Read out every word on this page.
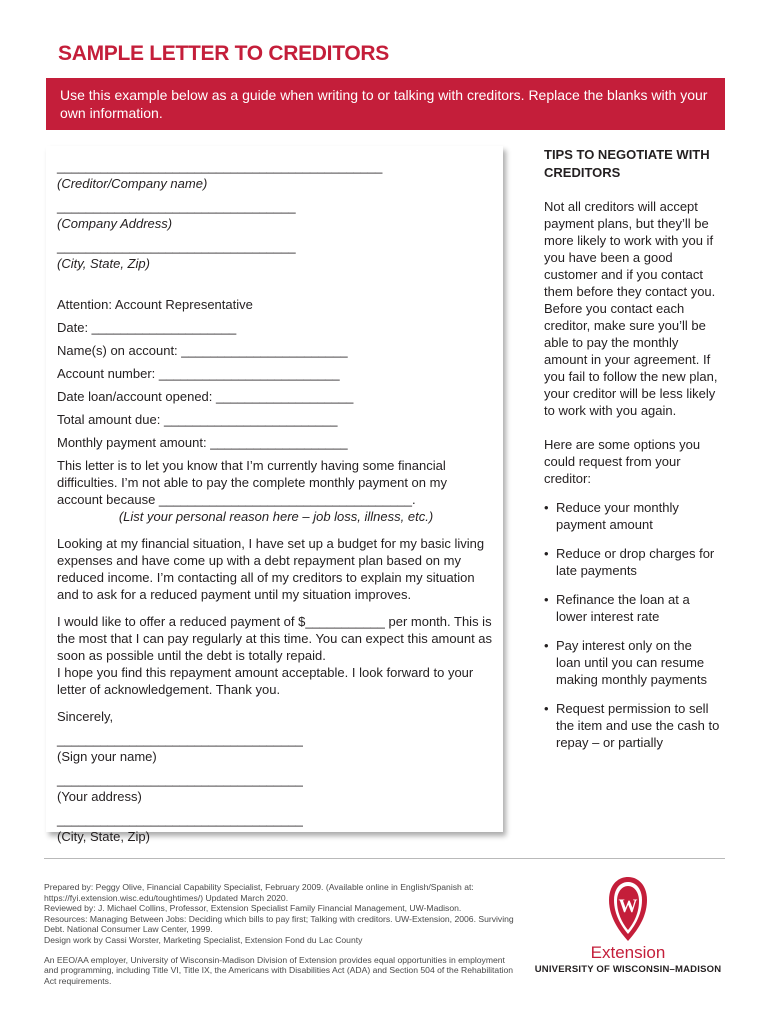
SAMPLE LETTER TO CREDITORS
Use this example below as a guide when writing to or talking with creditors. Replace the blanks with your own information.
_____________________________________________
(Creditor/Company name)
_________________________________
(Company Address)
_________________________________
(City, State, Zip)
Attention: Account Representative
Date: ____________________
Name(s) on account: _______________________
Account number: _________________________
Date loan/account opened: ___________________
Total amount due: ________________________
Monthly payment amount: ___________________
This letter is to let you know that I’m currently having some financial difficulties. I’m not able to pay the complete monthly payment on my account because ___________________________________.
(List your personal reason here – job loss, illness, etc.)
Looking at my financial situation, I have set up a budget for my basic living expenses and have come up with a debt repayment plan based on my reduced income. I’m contacting all of my creditors to explain my situation and to ask for a reduced payment until my situation improves.
I would like to offer a reduced payment of $___________ per month. This is the most that I can pay regularly at this time. You can expect this amount as soon as possible until the debt is totally repaid.
I hope you find this repayment amount acceptable. I look forward to your letter of acknowledgement. Thank you.
Sincerely,
__________________________________
(Sign your name)
__________________________________
(Your address)
__________________________________
(City, State, Zip)
TIPS TO NEGOTIATE WITH CREDITORS

Not all creditors will accept payment plans, but they’ll be more likely to work with you if you have been a good customer and if you contact them before they contact you. Before you contact each creditor, make sure you’ll be able to pay the monthly amount in your agreement. If you fail to follow the new plan, your creditor will be less likely to work with you again.

Here are some options you could request from your creditor:

• Reduce your monthly payment amount
• Reduce or drop charges for late payments
• Refinance the loan at a lower interest rate
• Pay interest only on the loan until you can resume making monthly payments
• Request permission to sell the item and use the cash to repay – or partially

Prepared by: Peggy Olive, Financial Capability Specialist, February 2009. (Available online in English/Spanish at: https://fyi.extension.wisc.edu/toughtimes/) Updated March 2020.

Reviewed by: J. Michael Collins, Professor, Extension Specialist Family Financial Management, UW-Madison.

Resources: Managing Between Jobs: Deciding which bills to pay first; Talking with creditors. UW-Extension, 2006. Surviving Debt. National Consumer Law Center, 1999.

Design work by Cassi Worster, Marketing Specialist, Extension Fond du Lac County

An EEO/AA employer, University of Wisconsin-Madison Division of Extension provides equal opportunities in employment and programming, including Title VI, Title IX, the Americans with Disabilities Act (ADA) and Section 504 of the Rehabilitation Act requirements.

W
Extension
UNIVERSITY OF WISCONSIN–MADISON
